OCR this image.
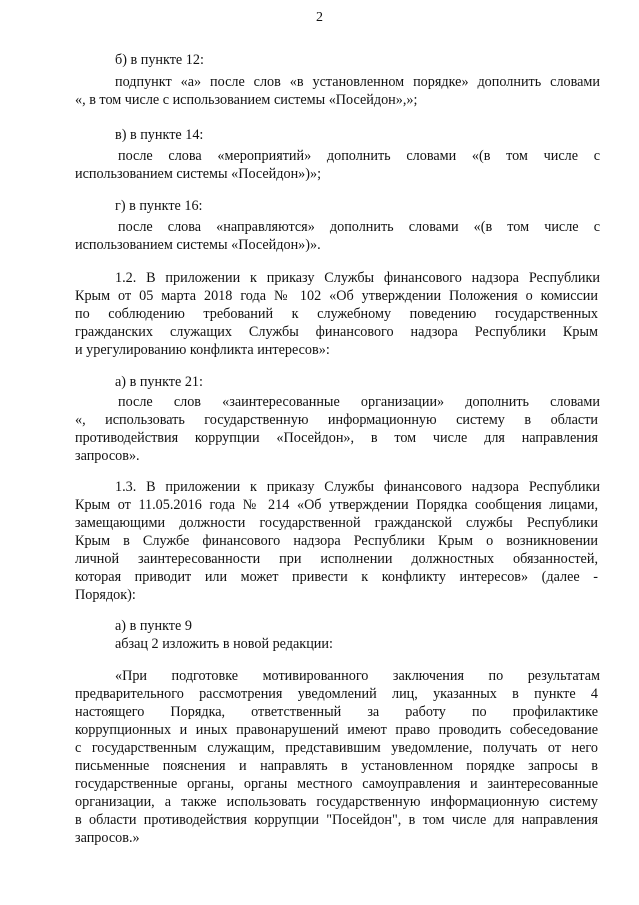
2
б) в пункте 12:
подпункт «а» после слов «в установленном порядке» дополнить словами
«, в том числе с использованием системы «Посейдон»,»;
в) в пункте 14:
после слова «мероприятий» дополнить словами «(в том числе с
использованием системы «Посейдон»)»;
г) в пункте 16:
после слова «направляются» дополнить словами «(в том числе с
использованием системы «Посейдон»)».
1.2. В приложении к приказу Службы финансового надзора Республики
Крым от 05 марта 2018 года № 102 «Об утверждении Положения о комиссии
по соблюдению требований к служебному поведению государственных
гражданских служащих Службы финансового надзора Республики Крым
и урегулированию конфликта интересов»:
а) в пункте 21:
после слов «заинтересованные организации» дополнить словами
«, использовать государственную информационную систему в области
противодействия коррупции «Посейдон», в том числе для направления
запросов».
1.3. В приложении к приказу Службы финансового надзора Республики
Крым от 11.05.2016 года № 214 «Об утверждении Порядка сообщения лицами,
замещающими должности государственной гражданской службы Республики
Крым в Службе финансового надзора Республики Крым о возникновении
личной заинтересованности при исполнении должностных обязанностей,
которая приводит или может привести к конфликту интересов» (далее -
Порядок):
а) в пункте 9
абзац 2 изложить в новой редакции:
«При подготовке мотивированного заключения по результатам
предварительного рассмотрения уведомлений лиц, указанных в пункте 4
настоящего Порядка, ответственный за работу по профилактике
коррупционных и иных правонарушений имеют право проводить собеседование
с государственным служащим, представившим уведомление, получать от него
письменные пояснения и направлять в установленном порядке запросы в
государственные органы, органы местного самоуправления и заинтересованные
организации, а также использовать государственную информационную систему
в области противодействия коррупции "Посейдон", в том числе для направления
запросов.»
